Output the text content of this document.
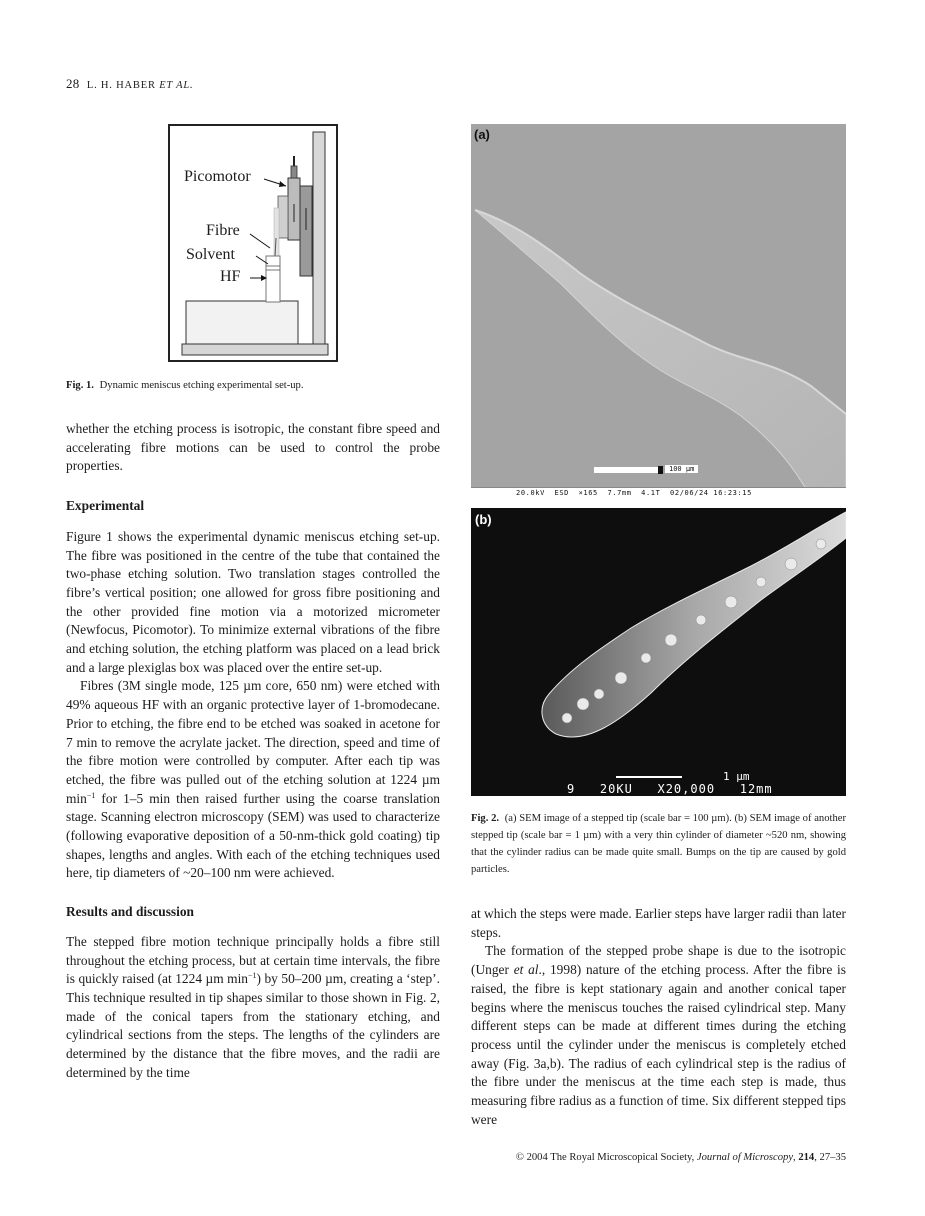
28 L. H. HABER ET AL.
Picomotor
Fibre
Solvent
HF
Fig. 1. Dynamic meniscus etching experimental set-up.

whether the etching process is isotropic, the constant fibre speed and accelerating fibre motions can be used to control the probe properties.

Experimental

Figure 1 shows the experimental dynamic meniscus etching set-up. The fibre was positioned in the centre of the tube that contained the two-phase etching solution. Two translation stages controlled the fibre’s vertical position; one allowed for gross fibre positioning and the other provided fine motion via a motorized micrometer (Newfocus, Picomotor). To minimize external vibrations of the fibre and etching solution, the etching platform was placed on a lead brick and a large plexiglas box was placed over the entire set-up.

Fibres (3M single mode, 125 µm core, 650 nm) were etched with 49% aqueous HF with an organic protective layer of 1-bromodecane. Prior to etching, the fibre end to be etched was soaked in acetone for 7 min to remove the acrylate jacket. The direction, speed and time of the fibre motion were controlled by computer. After each tip was etched, the fibre was pulled out of the etching solution at 1224 µm $\min^{-1}$ for 1–5 min then raised further using the coarse translation stage. Scanning electron microscopy (SEM) was used to characterize (following evaporative deposition of a 50-nm-thick gold coating) tip shapes, lengths and angles. With each of the etching techniques used here, tip diameters of ~20–100 nm were achieved.

Results and discussion

The stepped fibre motion technique principally holds a fibre still throughout the etching process, but at certain time intervals, the fibre is quickly raised (at 1224 µm $\min^{-1}$) by 50–200 µm, creating a ‘step’. This technique resulted in tip shapes similar to those shown in Fig. 2, made of the conical tapers from the stationary etching, and cylindrical sections from the steps. The lengths of the cylinders are determined by the distance that the fibre moves, and the radii are determined by the time

(a)
100 µm
20.0kV  ESD  ×165  7.7mm  4.1T  02/06/24 16:23:15
(b)
1 µm
9   20KU   X20,000   12mm
Fig. 2. (a) SEM image of a stepped tip (scale bar = 100 µm). (b) SEM image of another stepped tip (scale bar = 1 µm) with a very thin cylinder of diameter ~520 nm, showing that the cylinder radius can be made quite small. Bumps on the tip are caused by gold particles.

at which the steps were made. Earlier steps have larger radii than later steps.

The formation of the stepped probe shape is due to the isotropic (Unger et al., 1998) nature of the etching process. After the fibre is raised, the fibre is kept stationary again and another conical taper begins where the meniscus touches the raised cylindrical step. Many different steps can be made at different times during the etching process until the cylinder under the meniscus is completely etched away (Fig. 3a,b). The radius of each cylindrical step is the radius of the fibre under the meniscus at the time each step is made, thus measuring fibre radius as a function of time. Six different stepped tips were

© 2004 The Royal Microscopical Society, Journal of Microscopy, 214, 27–35
